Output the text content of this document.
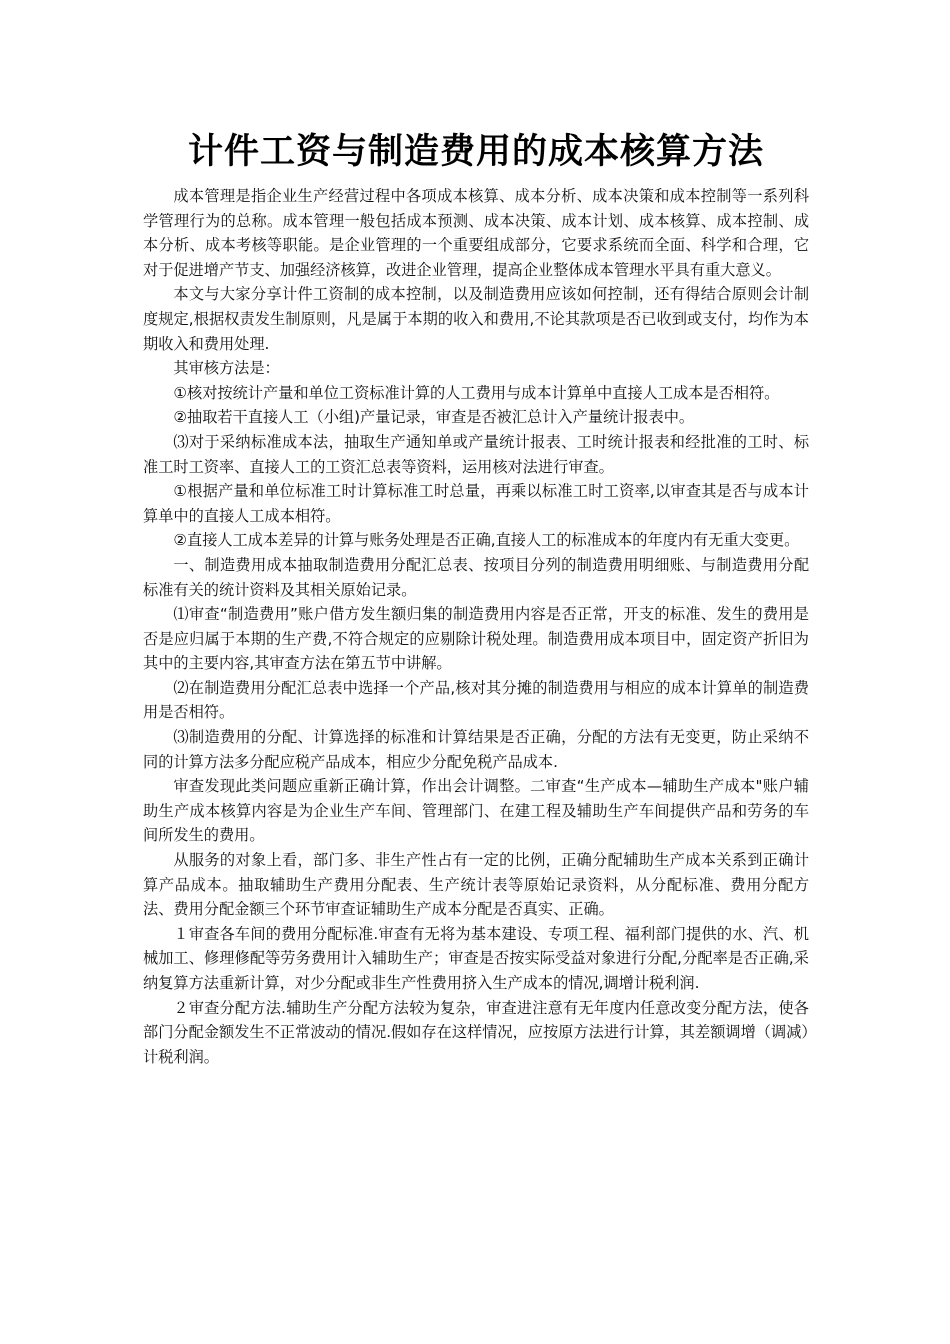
计件工资与制造费用的成本核算方法

成本管理是指企业生产经营过程中各项成本核算、成本分析、成本决策和成本控制等一系列科学管理行为的总称。成本管理一般包括成本预测、成本决策、成本计划、成本核算、成本控制、成本分析、成本考核等职能。是企业管理的一个重要组成部分，它要求系统而全面、科学和合理，它对于促进增产节支、加强经济核算，改进企业管理，提高企业整体成本管理水平具有重大意义。

本文与大家分享计件工资制的成本控制，以及制造费用应该如何控制，还有得结合原则会计制度规定,根据权责发生制原则，凡是属于本期的收入和费用,不论其款项是否已收到或支付，均作为本期收入和费用处理.

其审核方法是：

①核对按统计产量和单位工资标准计算的人工费用与成本计算单中直接人工成本是否相符。

②抽取若干直接人工（小组)产量记录，审查是否被汇总计入产量统计报表中。

⑶对于采纳标准成本法，抽取生产通知单或产量统计报表、工时统计报表和经批准的工时、标准工时工资率、直接人工的工资汇总表等资料，运用核对法进行审查。

①根据产量和单位标准工时计算标准工时总量，再乘以标准工时工资率,以审查其是否与成本计算单中的直接人工成本相符。

②直接人工成本差异的计算与账务处理是否正确,直接人工的标准成本的年度内有无重大变更。

一、制造费用成本抽取制造费用分配汇总表、按项目分列的制造费用明细账、与制造费用分配标准有关的统计资料及其相关原始记录。

⑴审查“制造费用”账户借方发生额归集的制造费用内容是否正常，开支的标准、发生的费用是否是应归属于本期的生产费,不符合规定的应剔除计税处理。制造费用成本项目中，固定资产折旧为其中的主要内容,其审查方法在第五节中讲解。

⑵在制造费用分配汇总表中选择一个产品,核对其分摊的制造费用与相应的成本计算单的制造费用是否相符。

⑶制造费用的分配、计算选择的标准和计算结果是否正确，分配的方法有无变更，防止采纳不同的计算方法多分配应税产品成本，相应少分配免税产品成本.

审查发现此类问题应重新正确计算，作出会计调整。二审查“生产成本—辅助生产成本"账户辅助生产成本核算内容是为企业生产车间、管理部门、在建工程及辅助生产车间提供产品和劳务的车间所发生的费用。

从服务的对象上看，部门多、非生产性占有一定的比例，正确分配辅助生产成本关系到正确计算产品成本。抽取辅助生产费用分配表、生产统计表等原始记录资料，从分配标准、费用分配方法、费用分配金额三个环节审查证辅助生产成本分配是否真实、正确。

１审查各车间的费用分配标准.审查有无将为基本建设、专项工程、福利部门提供的水、汽、机械加工、修理修配等劳务费用计入辅助生产；审查是否按实际受益对象进行分配,分配率是否正确,采纳复算方法重新计算，对少分配或非生产性费用挤入生产成本的情况,调增计税利润.

２审查分配方法.辅助生产分配方法较为复杂，审查进注意有无年度内任意改变分配方法，使各部门分配金额发生不正常波动的情况.假如存在这样情况，应按原方法进行计算，其差额调增（调减）计税利润。
